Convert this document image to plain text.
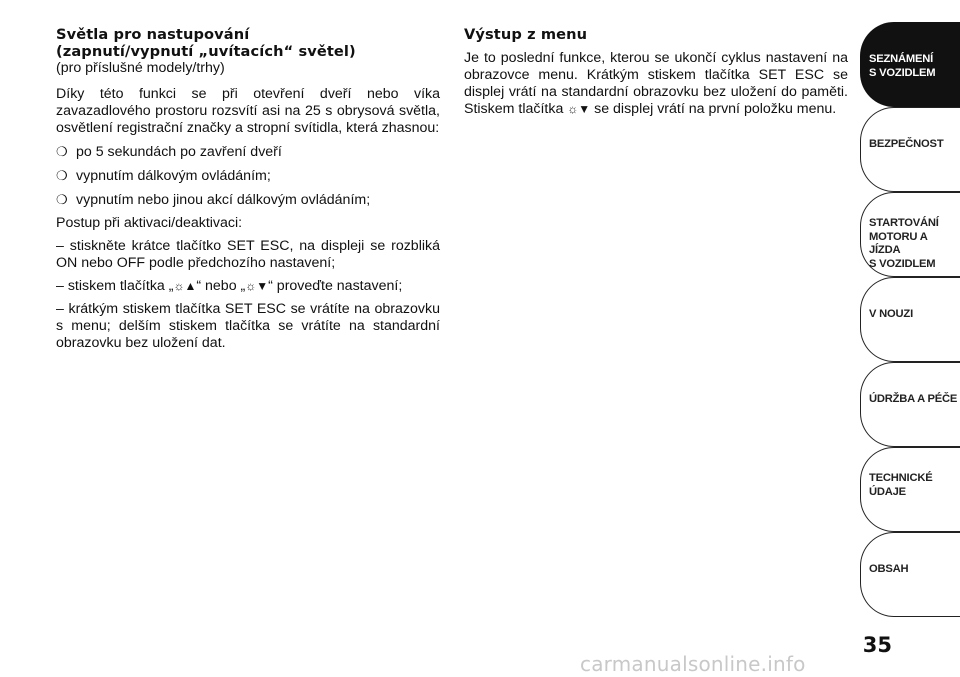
Světla pro nastupování
(zapnutí/vypnutí „uvítacích“ světel)
(pro příslušné modely/trhy)

Díky této funkci se při otevření dveří nebo víka zavazadlového prostoru rozsvítí asi na 25 s obrysová světla, osvětlení registrační značky a stropní svítidla, která zhasnou:

❍ po 5 sekundách po zavření dveří
❍ vypnutím dálkovým ovládáním;
❍ vypnutím nebo jinou akcí dálkovým ovládáním;

Postup při aktivaci/deaktivaci:

– stiskněte krátce tlačítko SET ESC, na displeji se rozbliká ON nebo OFF podle předchozího nastavení;

– stiskem tlačítka „☼▲“ nebo „☼▼“ proveďte nastavení;

– krátkým stiskem tlačítka SET ESC se vrátíte na obrazovku s menu; delším stiskem tlačítka se vrátíte na standardní obrazovku bez uložení dat.

Výstup z menu

Je to poslední funkce, kterou se ukončí cyklus nastavení na obrazovce menu. Krátkým stiskem tlačítka SET ESC se displej vrátí na standardní obrazovku bez uložení do paměti. Stiskem tlačítka ☼▼ se displej vrátí na první položku menu.

SEZNÁMENÍ
S VOZIDLEM
BEZPEČNOST
STARTOVÁNÍ
MOTORU A JÍZDA
S VOZIDLEM
V NOUZI
ÚDRŽBA A PÉČE
TECHNICKÉ
ÚDAJE
OBSAH
35
carmanualsonline.info
